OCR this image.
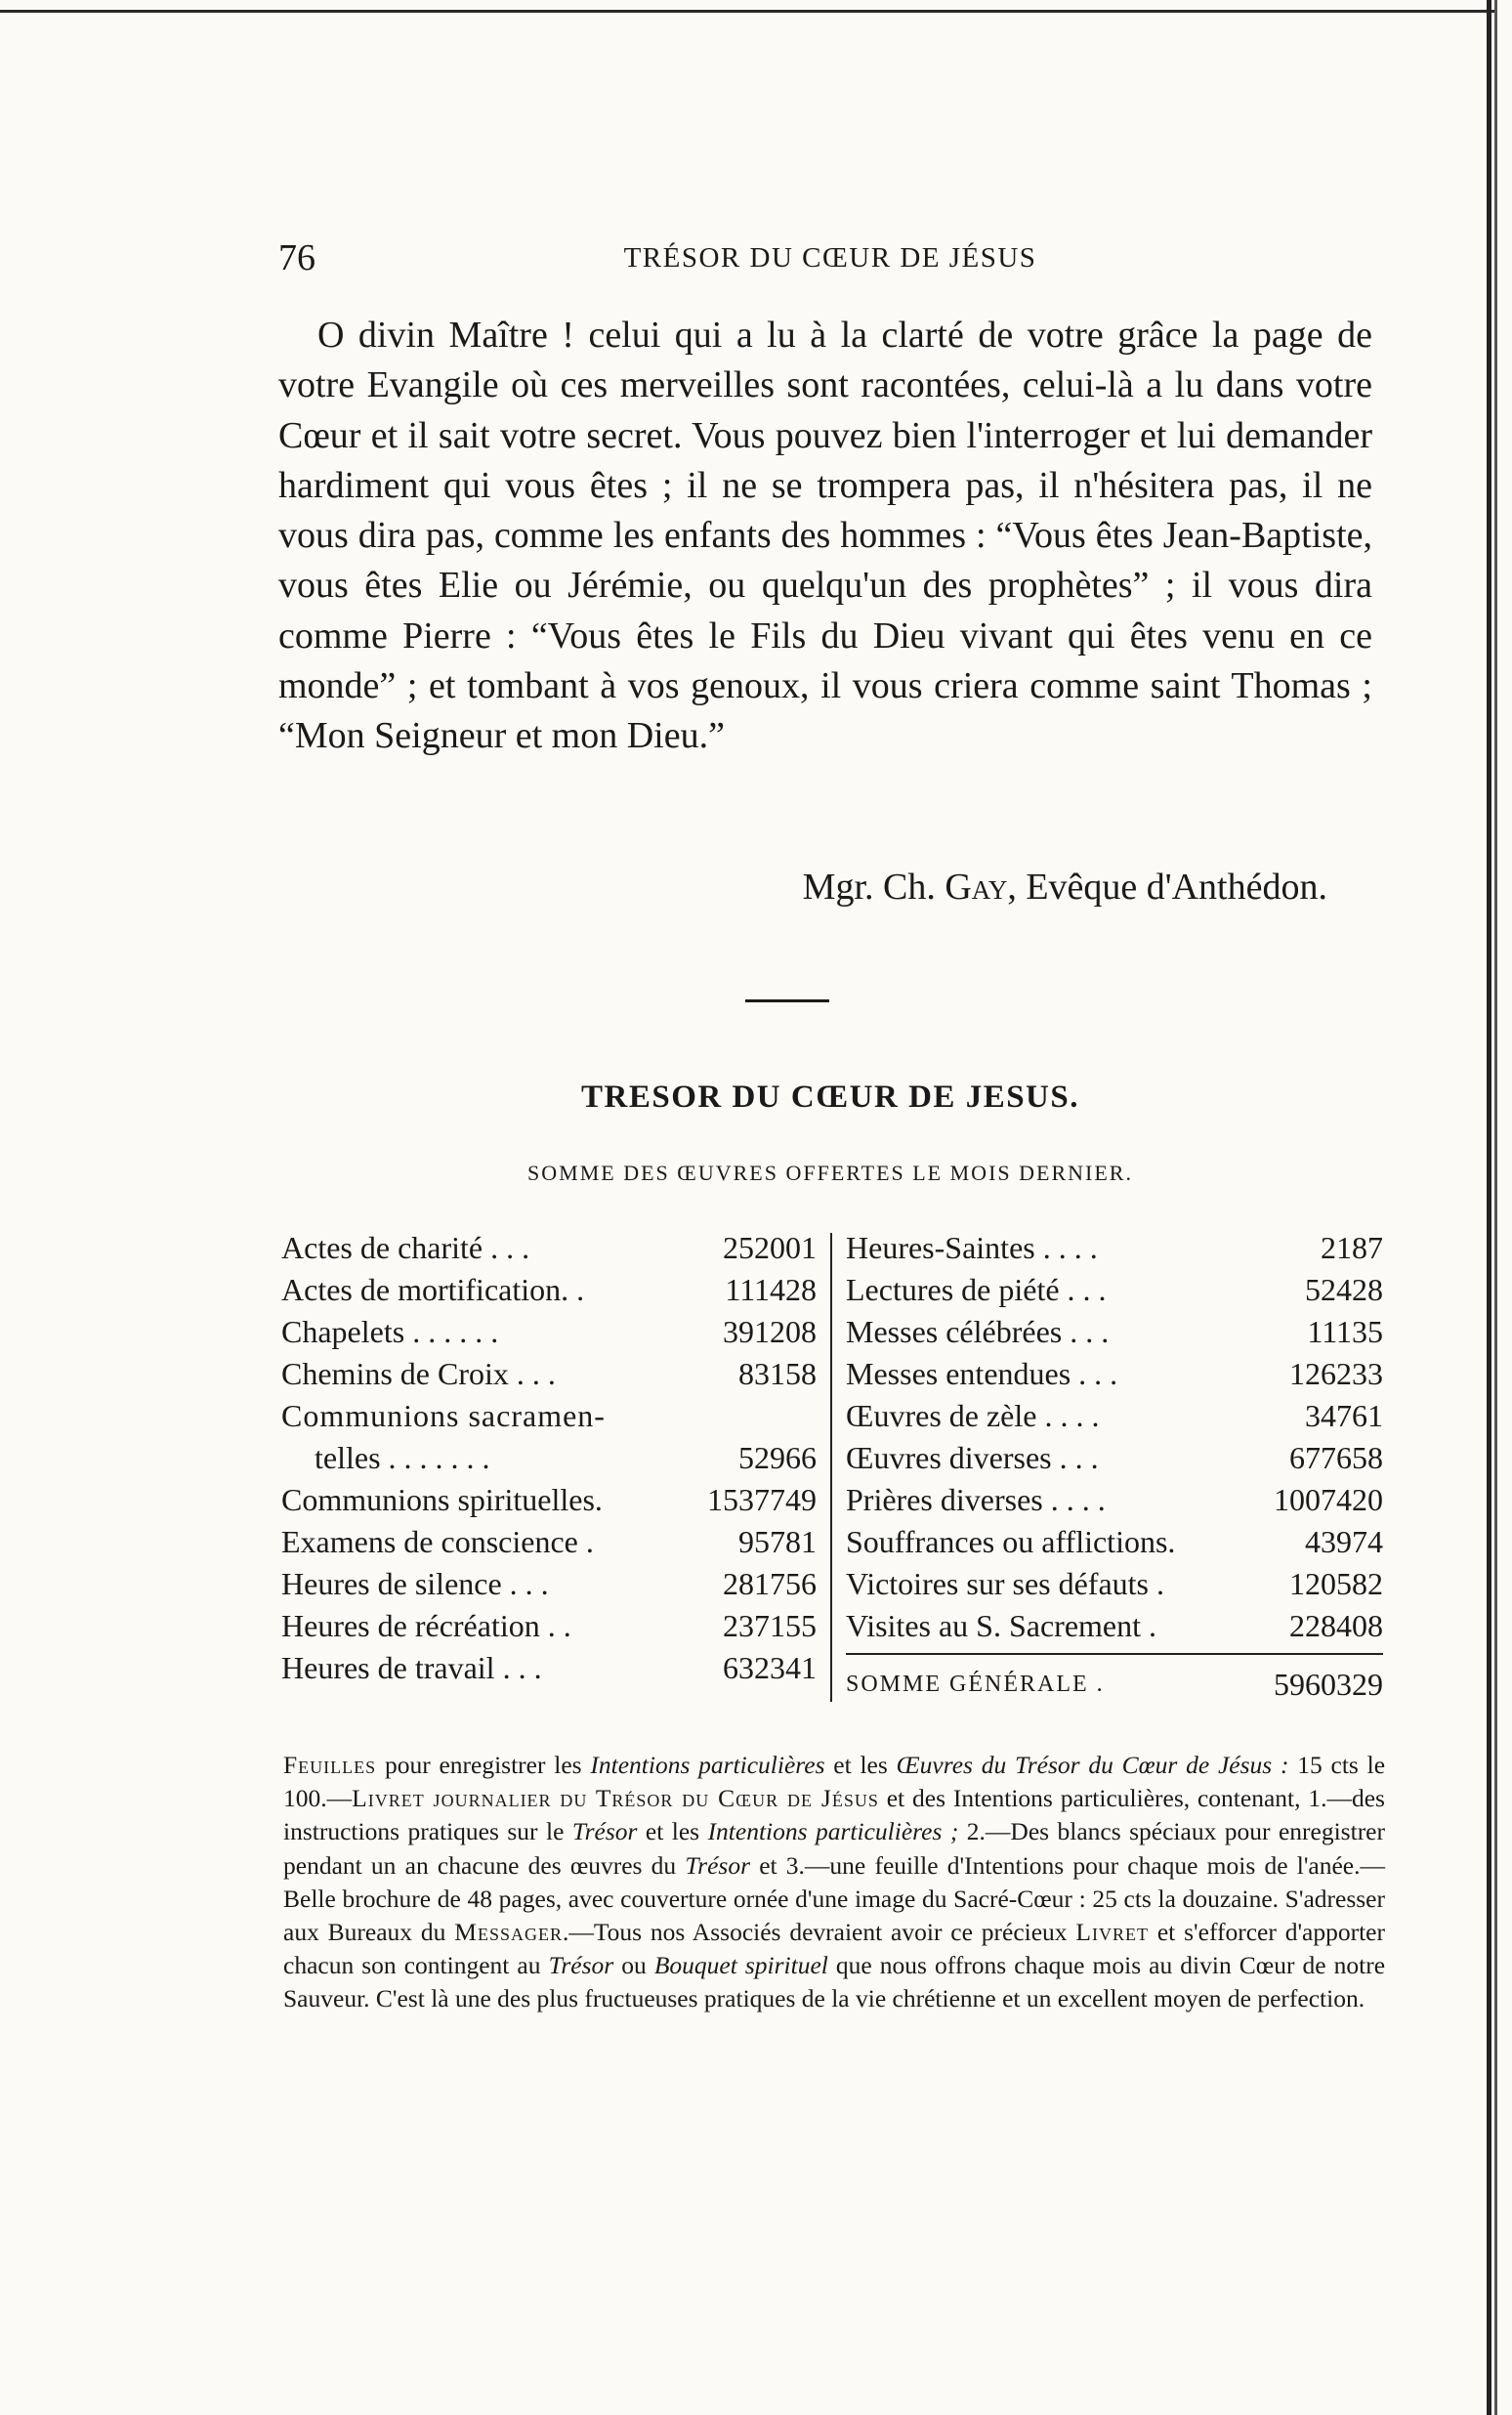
76	TRÉSOR DU CŒUR DE JÉSUS

O divin Maître ! celui qui a lu à la clarté de votre grâce la page de votre Evangile où ces merveilles sont racontées, celui-là a lu dans votre Cœur et il sait votre secret. Vous pouvez bien l'interroger et lui demander hardiment qui vous êtes ; il ne se trompera pas, il n'hésitera pas, il ne vous dira pas, comme les enfants des hommes : “Vous êtes Jean-Baptiste, vous êtes Elie ou Jérémie, ou quelqu'un des prophètes” ; il vous dira comme Pierre : “Vous êtes le Fils du Dieu vivant qui êtes venu en ce monde” ; et tombant à vos genoux, il vous criera comme saint Thomas ; “Mon Seigneur et mon Dieu.”

Mgr. Ch. Gay, Evêque d'Anthédon.
TRESOR DU CŒUR DE JESUS.
SOMME DES ŒUVRES OFFERTES LE MOIS DERNIER.
Actes de charité . . .	252001
Actes de mortification. .	111428
Chapelets . . . . . .	391208
Chemins de Croix . . .	83158
Communions sacramen-
telles . . . . . . .	52966
Communions spirituelles.	1537749
Examens de conscience .	95781
Heures de silence . . .	281756
Heures de récréation . .	237155
Heures de travail . . .	632341
Heures-Saintes . . . .	2187
Lectures de piété . . .	52428
Messes célébrées . . .	11135
Messes entendues . . .	126233
Œuvres de zèle . . . .	34761
Œuvres diverses . . .	677658
Prières diverses . . . .	1007420
Souffrances ou afflictions.	43974
Victoires sur ses défauts .	120582
Visites au S. Sacrement .	228408
SOMME GÉNÉRALE .	5960329
Feuilles pour enregistrer les Intentions particulières et les Œuvres du Trésor du Cœur de Jésus : 15 cts le 100.—Livret journalier du Trésor du Cœur de Jésus et des Intentions particulières, contenant, 1.—des instructions pratiques sur le Trésor et les Intentions particulières ; 2.—Des blancs spéciaux pour enregistrer pendant un an chacune des œuvres du Trésor et 3.—une feuille d'Intentions pour chaque mois de l'anée.—Belle brochure de 48 pages, avec couverture ornée d'une image du Sacré-Cœur : 25 cts la douzaine. S'adresser aux Bureaux du Messager.—Tous nos Associés devraient avoir ce précieux Livret et s'efforcer d'apporter chacun son contingent au Trésor ou Bouquet spirituel que nous offrons chaque mois au divin Cœur de notre Sauveur. C'est là une des plus fructueuses pratiques de la vie chrétienne et un excellent moyen de perfection.
